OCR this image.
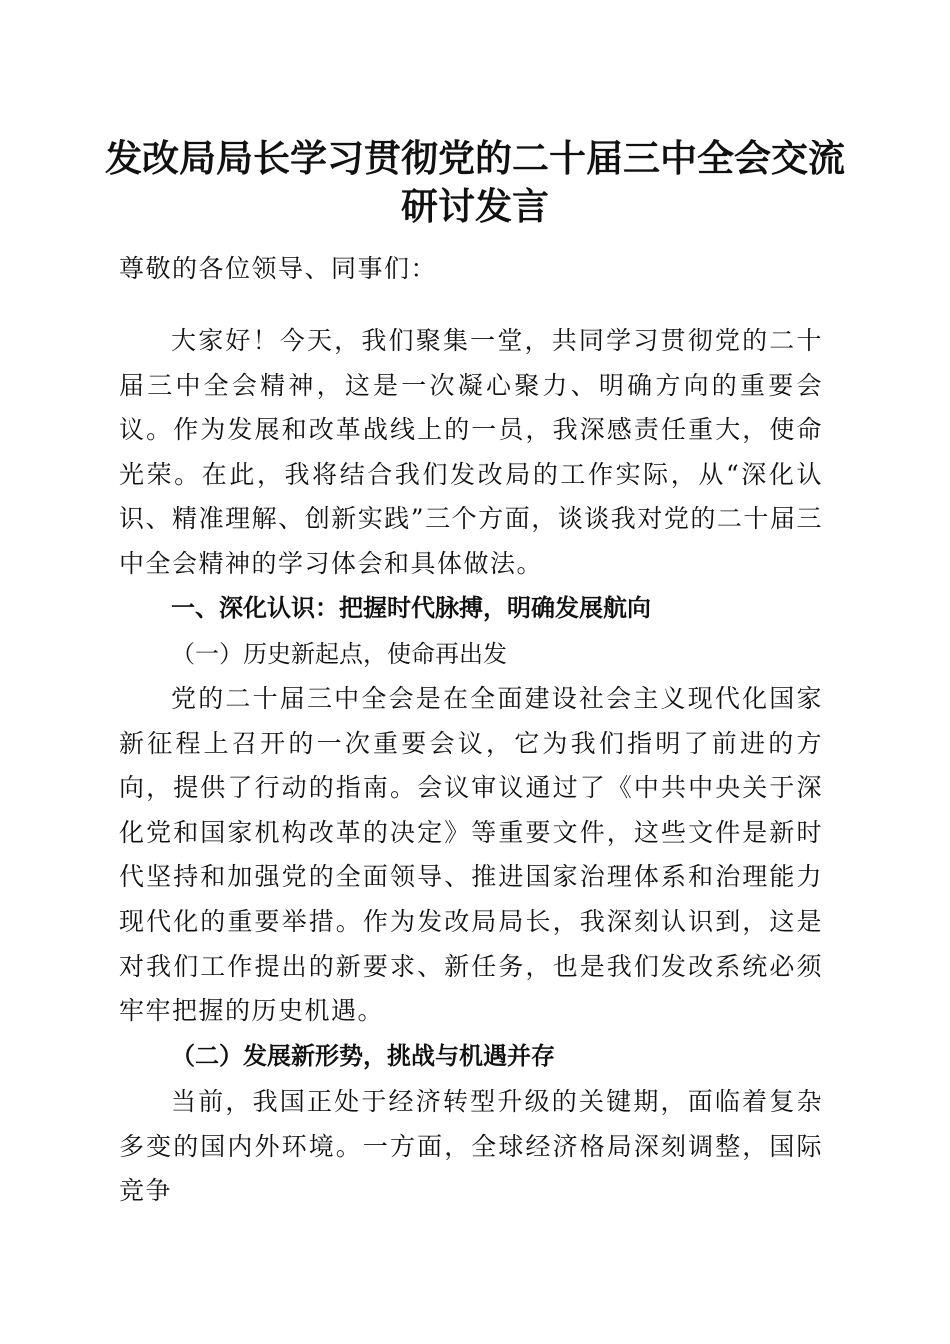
发改局局长学习贯彻党的二十届三中全会交流研讨发言

尊敬的各位领导、同事们：

大家好！今天，我们聚集一堂，共同学习贯彻党的二十届三中全会精神，这是一次凝心聚力、明确方向的重要会议。作为发展和改革战线上的一员，我深感责任重大，使命光荣。在此，我将结合我们发改局的工作实际，从“深化认识、精准理解、创新实践”三个方面，谈谈我对党的二十届三中全会精神的学习体会和具体做法。

一、深化认识：把握时代脉搏，明确发展航向
（一）历史新起点，使命再出发

党的二十届三中全会是在全面建设社会主义现代化国家新征程上召开的一次重要会议，它为我们指明了前进的方向，提供了行动的指南。会议审议通过了《中共中央关于深化党和国家机构改革的决定》等重要文件，这些文件是新时代坚持和加强党的全面领导、推进国家治理体系和治理能力现代化的重要举措。作为发改局局长，我深刻认识到，这是对我们工作提出的新要求、新任务，也是我们发改系统必须牢牢把握的历史机遇。

（二）发展新形势，挑战与机遇并存

当前，我国正处于经济转型升级的关键期，面临着复杂多变的国内外环境。一方面，全球经济格局深刻调整，国际竞争
